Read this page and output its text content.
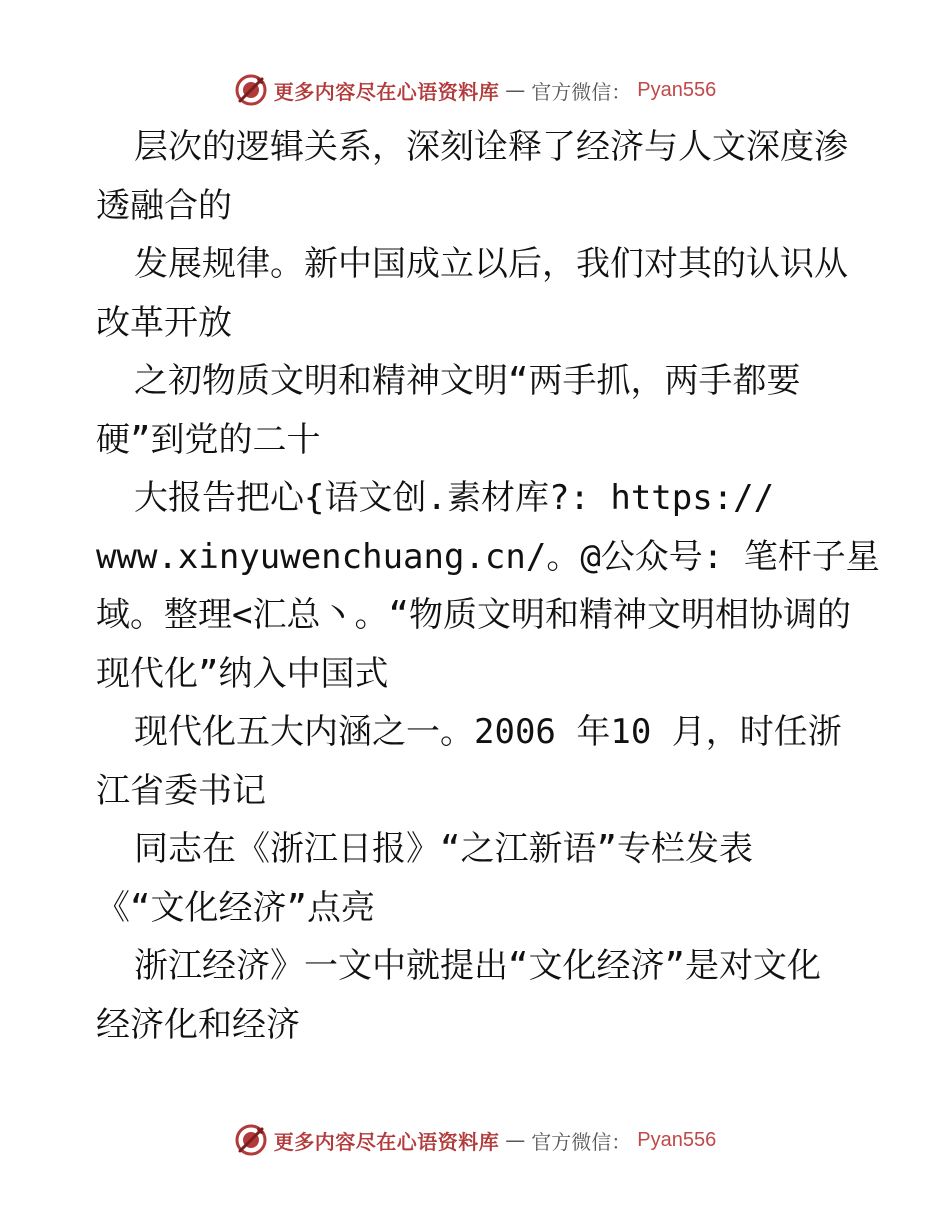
更多内容尽在心语资料库 — 官方微信： Pyan556
层次的逻辑关系，深刻诠释了经济与人文深度渗
透融合的
发展规律。新中国成立以后，我们对其的认识从
改革开放
之初物质文明和精神文明“两手抓，两手都要
硬”到党的二十
大报告把心{语文创.素材库?: https://
www.xinyuwenchuang.cn/。@公众号: 笔杆子星
域。整理<汇总丶。“物质文明和精神文明相协调的
现代化”纳入中国式
现代化五大内涵之一。2006 年10 月，时任浙
江省委书记
同志在《浙江日报》“之江新语”专栏发表
《“文化经济”点亮
浙江经济》一文中就提出“文化经济”是对文化
经济化和经济
更多内容尽在心语资料库 — 官方微信： Pyan556
